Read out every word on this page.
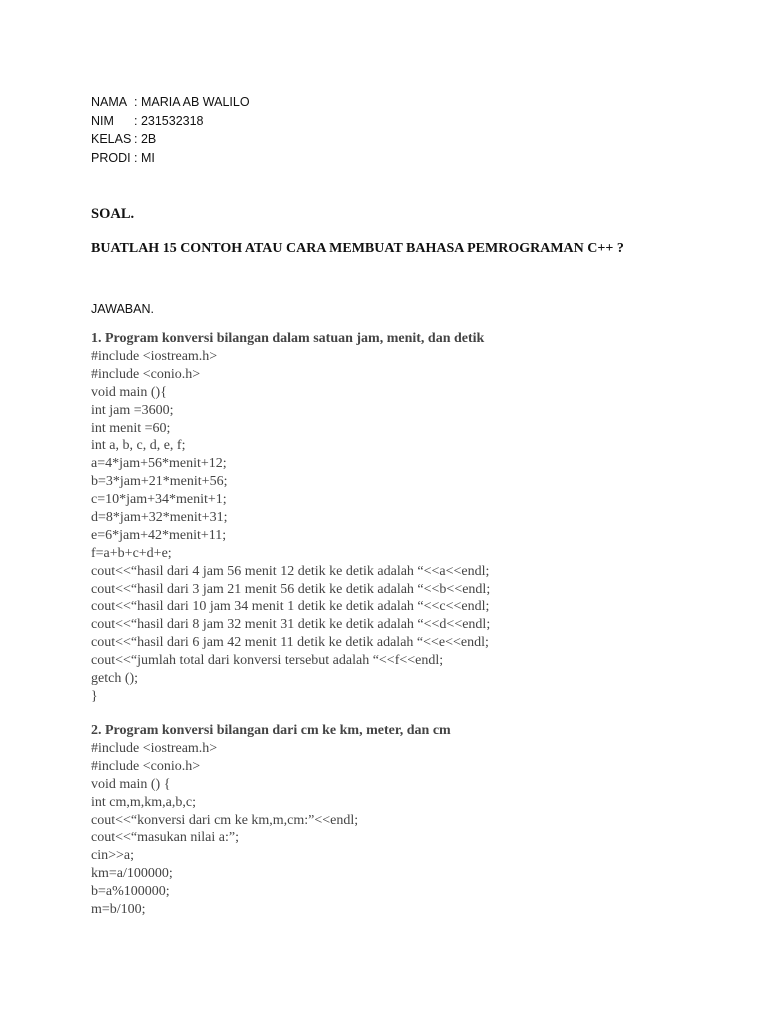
NAMA : MARIA AB WALILO
NIM : 231532318
KELAS : 2B
PRODI : MI

SOAL.

BUATLAH 15 CONTOH ATAU CARA MEMBUAT BAHASA PEMROGRAMAN C++ ?

JAWABAN.

1. Program konversi bilangan dalam satuan jam, menit, dan detik

#include <iostream.h>
#include <conio.h>
void main (){
int jam =3600;
int menit =60;
int a, b, c, d, e, f;
a=4*jam+56*menit+12;
b=3*jam+21*menit+56;
c=10*jam+34*menit+1;
d=8*jam+32*menit+31;
e=6*jam+42*menit+11;
f=a+b+c+d+e;
cout<<“hasil dari 4 jam 56 menit 12 detik ke detik adalah “<<a<<endl;
cout<<“hasil dari 3 jam 21 menit 56 detik ke detik adalah “<<b<<endl;
cout<<“hasil dari 10 jam 34 menit 1 detik ke detik adalah “<<c<<endl;
cout<<“hasil dari 8 jam 32 menit 31 detik ke detik adalah “<<d<<endl;
cout<<“hasil dari 6 jam 42 menit 11 detik ke detik adalah “<<e<<endl;
cout<<“jumlah total dari konversi tersebut adalah “<<f<<endl;
getch ();
}

2. Program konversi bilangan dari cm ke km, meter, dan cm

#include <iostream.h>
#include <conio.h>
void main () {
int cm,m,km,a,b,c;
cout<<“konversi dari cm ke km,m,cm:”<<endl;
cout<<“masukan nilai a:”;
cin>>a;
km=a/100000;
b=a%100000;
m=b/100;
